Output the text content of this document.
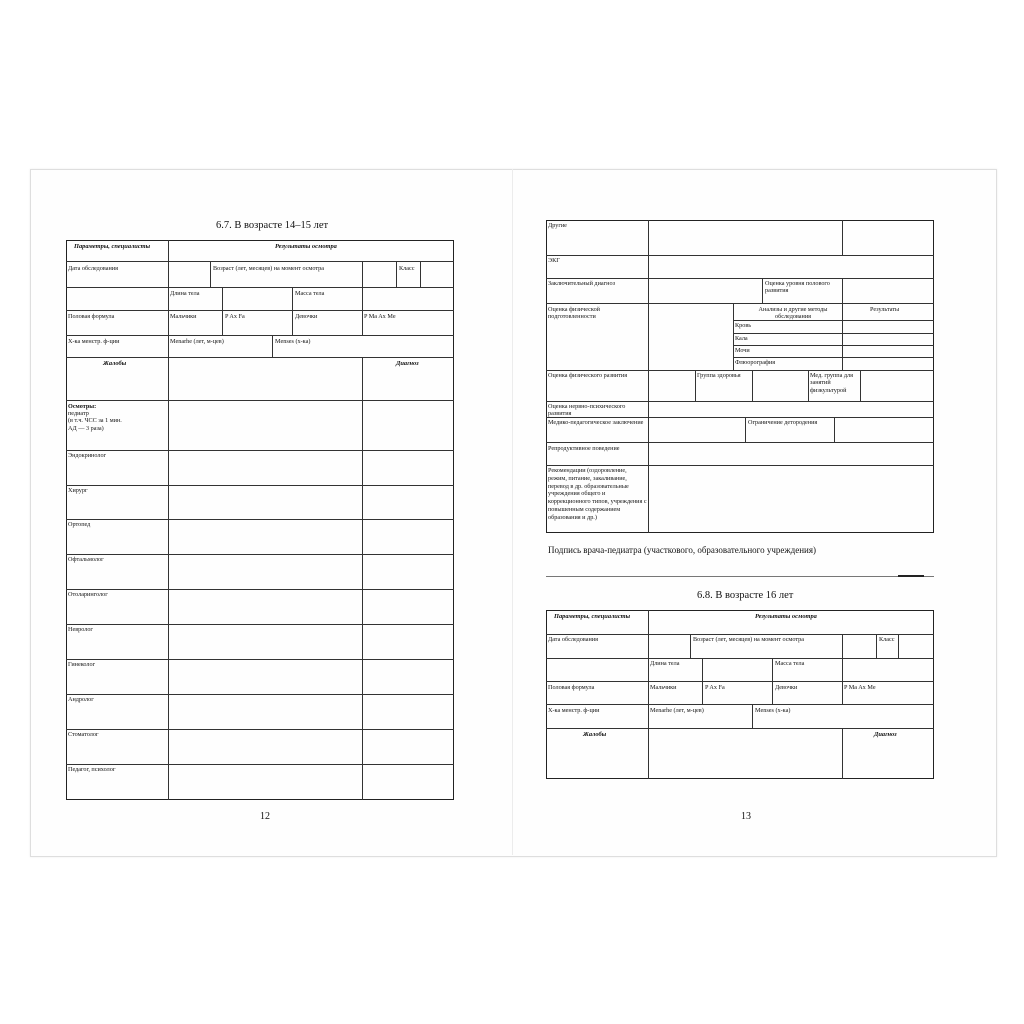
6.7. В возрасте 14–15 лет
Параметры, специалисты	Результаты осмотра
Дата обследования	Возраст (лет, месяцев) на момент осмотра	Класс
Длина тела	Масса тела
Половая формула	Мальчики	P Ax Fa	Девочки	P Ma Ax Me
Х-ка менстр. ф-ции	Menarhe (лет, м-цев)	Menses (х-ка)
Жалобы	Диагноз
Осмотры:
педиатр
(в т.ч. ЧСС за 1 мин.
АД — 3 раза)
Эндокринолог
Хирург
Ортопед
Офтальмолог
Отоларинголог
Невролог
Гинеколог
Андролог
Стоматолог
Педагог, психолог
12
Другие
ЭКГ
Заключительный диагноз	Оценка уровня полового развития
Оценка физической подготовленности
Анализы и другие методы обследования
Результаты
Кровь
Кала
Мочи
Флюорография
Оценка физического развития	Группа здоровья	Мед. группа для занятий физкультурой
Оценка нервно-психического развития
Медико-педагогическое заключение	Ограничение детородения
Репродуктивное поведение
Рекомендации (оздоровление, режим, питание, закаливание, перевод в др. образовательные учреждения общего и коррекционного типов, учреждения с повышенным содержанием образования и др.)
Подпись врача-педиатра (участкового, образовательного учреждения)
6.8. В возрасте 16 лет
Параметры, специалисты	Результаты осмотра
Дата обследования	Возраст (лет, месяцев) на момент осмотра	Класс
Длина тела	Масса тела
Половая формула	Мальчики	P Ax Fa	Девочки	P Ma Ax Me
Х-ка менстр. ф-ции	Menarhe (лет, м-цев)	Menses (х-ка)
Жалобы	Диагноз
13
